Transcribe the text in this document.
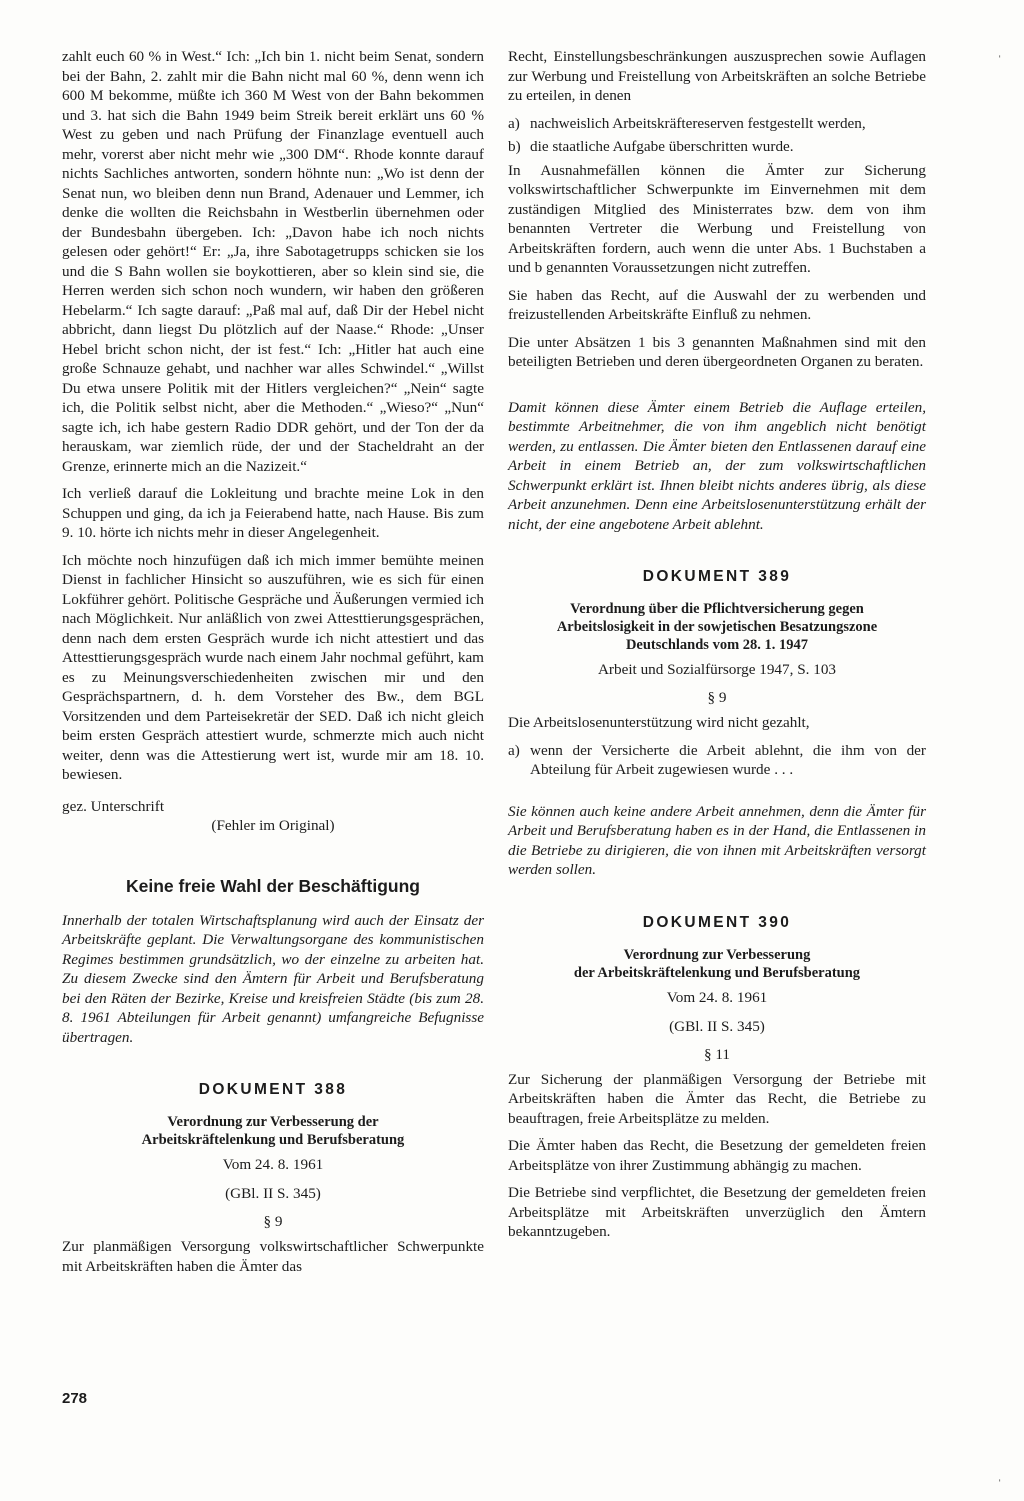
zahlt euch 60 % in West.“ Ich: „Ich bin 1. nicht beim Senat, sondern bei der Bahn, 2. zahlt mir die Bahn nicht mal 60 %, denn wenn ich 600 M bekomme, müßte ich 360 M West von der Bahn bekommen und 3. hat sich die Bahn 1949 beim Streik bereit erklärt uns 60 % West zu geben und nach Prüfung der Finanzlage eventuell auch mehr, vorerst aber nicht mehr wie „300 DM“. Rhode konnte darauf nichts Sachliches antworten, sondern höhnte nun: „Wo ist denn der Senat nun, wo bleiben denn nun Brand, Adenauer und Lemmer, ich denke die wollten die Reichsbahn in Westberlin übernehmen oder der Bundesbahn übergeben. Ich: „Davon habe ich noch nichts gelesen oder gehört!“ Er: „Ja, ihre Sabotagetrupps schicken sie los und die S Bahn wollen sie boykottieren, aber so klein sind sie, die Herren werden sich schon noch wundern, wir haben den größeren Hebelarm.“ Ich sagte darauf: „Paß mal auf, daß Dir der Hebel nicht abbricht, dann liegst Du plötzlich auf der Naase.“ Rhode: „Unser Hebel bricht schon nicht, der ist fest.“ Ich: „Hitler hat auch eine große Schnauze gehabt, und nachher war alles Schwindel.“ „Willst Du etwa unsere Politik mit der Hitlers vergleichen?“ „Nein“ sagte ich, die Politik selbst nicht, aber die Methoden.“ „Wieso?“ „Nun“ sagte ich, ich habe gestern Radio DDR gehört, und der Ton der da herauskam, war ziemlich rüde, der und der Stacheldraht an der Grenze, erinnerte mich an die Nazizeit.“

Ich verließ darauf die Lokleitung und brachte meine Lok in den Schuppen und ging, da ich ja Feierabend hatte, nach Hause. Bis zum 9. 10. hörte ich nichts mehr in dieser Angelegenheit.

Ich möchte noch hinzufügen daß ich mich immer bemühte meinen Dienst in fachlicher Hinsicht so auszuführen, wie es sich für einen Lokführer gehört. Politische Gespräche und Äußerungen vermied ich nach Möglichkeit. Nur anläßlich von zwei Attesttierungsgesprächen, denn nach dem ersten Gespräch wurde ich nicht attestiert und das Attesttierungsgespräch wurde nach einem Jahr nochmal geführt, kam es zu Meinungsverschiedenheiten zwischen mir und den Gesprächspartnern, d. h. dem Vorsteher des Bw., dem BGL Vorsitzenden und dem Parteisekretär der SED. Daß ich nicht gleich beim ersten Gespräch attestiert wurde, schmerzte mich auch nicht weiter, denn was die Attestierung wert ist, wurde mir am 18. 10. bewiesen.

gez. Unterschrift

(Fehler im Original)

Keine freie Wahl der Beschäftigung

Innerhalb der totalen Wirtschaftsplanung wird auch der Einsatz der Arbeitskräfte geplant. Die Verwaltungsorgane des kommunistischen Regimes bestimmen grundsätzlich, wo der einzelne zu arbeiten hat. Zu diesem Zwecke sind den Ämtern für Arbeit und Berufsberatung bei den Räten der Bezirke, Kreise und kreisfreien Städte (bis zum 28. 8. 1961 Abteilungen für Arbeit genannt) umfangreiche Befugnisse übertragen.

DOKUMENT 388
Verordnung zur Verbesserung der
Arbeitskräftelenkung und Berufsberatung
Vom 24. 8. 1961
(GBl. II S. 345)
§ 9

Zur planmäßigen Versorgung volkswirtschaftlicher Schwerpunkte mit Arbeitskräften haben die Ämter das

Recht, Einstellungsbeschränkungen auszusprechen sowie Auflagen zur Werbung und Freistellung von Arbeitskräften an solche Betriebe zu erteilen, in denen

a) nachweislich Arbeitskräftereserven festgestellt werden,
b) die staatliche Aufgabe überschritten wurde.

In Ausnahmefällen können die Ämter zur Sicherung volkswirtschaftlicher Schwerpunkte im Einvernehmen mit dem zuständigen Mitglied des Ministerrates bzw. dem von ihm benannten Vertreter die Werbung und Freistellung von Arbeitskräften fordern, auch wenn die unter Abs. 1 Buchstaben a und b genannten Voraussetzungen nicht zutreffen.

Sie haben das Recht, auf die Auswahl der zu werbenden und freizustellenden Arbeitskräfte Einfluß zu nehmen.

Die unter Absätzen 1 bis 3 genannten Maßnahmen sind mit den beteiligten Betrieben und deren übergeordneten Organen zu beraten.

Damit können diese Ämter einem Betrieb die Auflage erteilen, bestimmte Arbeitnehmer, die von ihm angeblich nicht benötigt werden, zu entlassen. Die Ämter bieten den Entlassenen darauf eine Arbeit in einem Betrieb an, der zum volkswirtschaftlichen Schwerpunkt erklärt ist. Ihnen bleibt nichts anderes übrig, als diese Arbeit anzunehmen. Denn eine Arbeitslosenunterstützung erhält der nicht, der eine angebotene Arbeit ablehnt.

DOKUMENT 389
Verordnung über die Pflichtversicherung gegen
Arbeitslosigkeit in der sowjetischen Besatzungszone
Deutschlands vom 28. 1. 1947
Arbeit und Sozialfürsorge 1947, S. 103
§ 9

Die Arbeitslosenunterstützung wird nicht gezahlt,

a) wenn der Versicherte die Arbeit ablehnt, die ihm von der Abteilung für Arbeit zugewiesen wurde . . .

Sie können auch keine andere Arbeit annehmen, denn die Ämter für Arbeit und Berufsberatung haben es in der Hand, die Entlassenen in die Betriebe zu dirigieren, die von ihnen mit Arbeitskräften versorgt werden sollen.

DOKUMENT 390
Verordnung zur Verbesserung
der Arbeitskräftelenkung und Berufsberatung
Vom 24. 8. 1961
(GBl. II S. 345)
§ 11

Zur Sicherung der planmäßigen Versorgung der Betriebe mit Arbeitskräften haben die Ämter das Recht, die Betriebe zu beauftragen, freie Arbeitsplätze zu melden.

Die Ämter haben das Recht, die Besetzung der gemeldeten freien Arbeitsplätze von ihrer Zustimmung abhängig zu machen.

Die Betriebe sind verpflichtet, die Besetzung der gemeldeten freien Arbeitsplätze mit Arbeitskräften unverzüglich den Ämtern bekanntzugeben.

278
ˈ
ˈ
